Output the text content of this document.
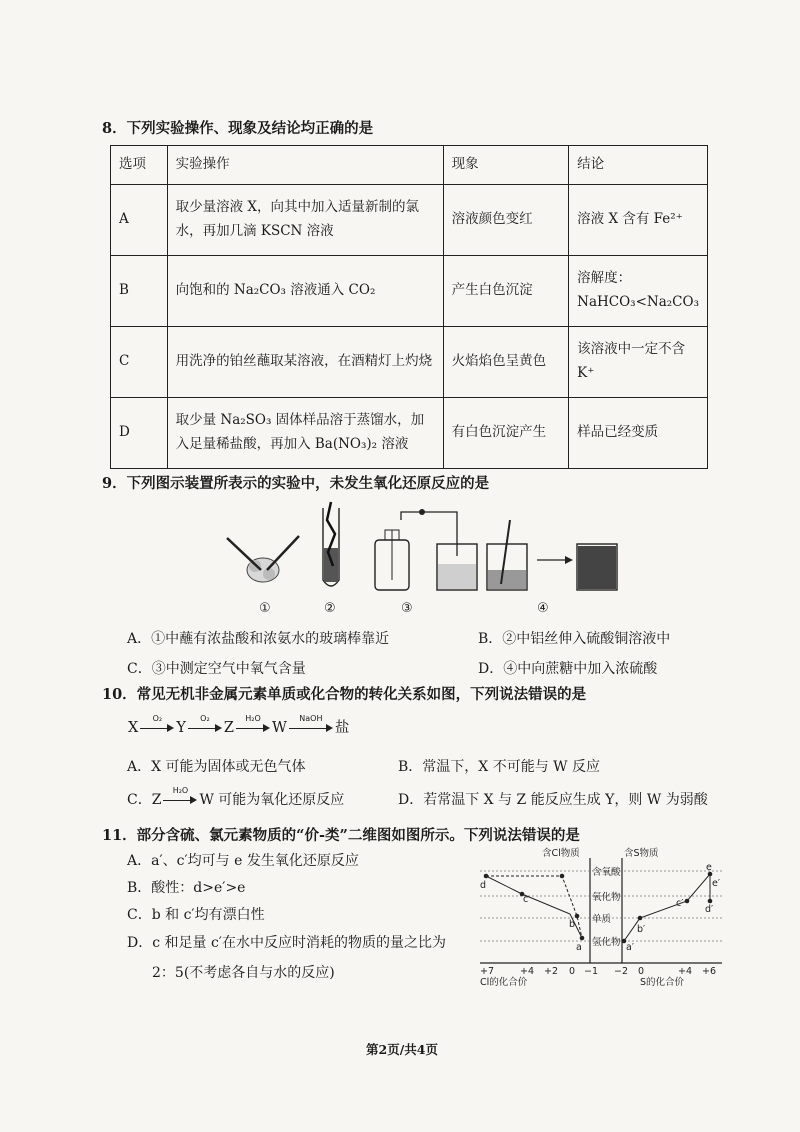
8．下列实验操作、现象及结论均正确的是
选项	实验操作	现象	结论
A	取少量溶液 X，向其中加入适量新制的氯水，再加几滴 KSCN 溶液	溶液颜色变红	溶液 X 含有 Fe²⁺
B	向饱和的 Na₂CO₃ 溶液通入 CO₂	产生白色沉淀	溶解度：NaHCO₃<Na₂CO₃
C	用洗净的铂丝蘸取某溶液，在酒精灯上灼烧	火焰焰色呈黄色	该溶液中一定不含 K⁺
D	取少量 Na₂SO₃ 固体样品溶于蒸馏水，加入足量稀盐酸，再加入 Ba(NO₃)₂ 溶液	有白色沉淀产生	样品已经变质
9．下列图示装置所表示的实验中，未发生氧化还原反应的是
①	②	③	④
A．①中蘸有浓盐酸和浓氨水的玻璃棒靠近	B．②中铝丝伸入硫酸铜溶液中
C．③中测定空气中氧气含量	D．④中向蔗糖中加入浓硫酸
10．常见无机非金属元素单质或化合物的转化关系如图，下列说法错误的是
X
O₂
Y
O₂
Z
H₂O
W
NaOH
盐
A．X 可能为固体或无色气体	B．常温下，X 不可能与 W 反应
C．Z
H₂O
W 可能为氧化还原反应	D．若常温下 X 与 Z 能反应生成 Y，则 W 为弱酸
11．部分含硫、氯元素物质的“价-类”二维图如图所示。下列说法错误的是
A．a′、c′均可与 e 发生氧化还原反应
B．酸性：d>e′>e
C．b 和 c′均有漂白性
D．c 和足量 c′在水中反应时消耗的物质的量之比为
2：5(不考虑各自与水的反应)
含Cl物质	含S物质
含氧酸
氧化物
单质
氢化物
d
c
b
a	a′
b′
c′
d′
e
e′
+7	+4 +2 0 −1 −2 0	+4 +6
Cl的化合价	S的化合价
第2页/共4页
